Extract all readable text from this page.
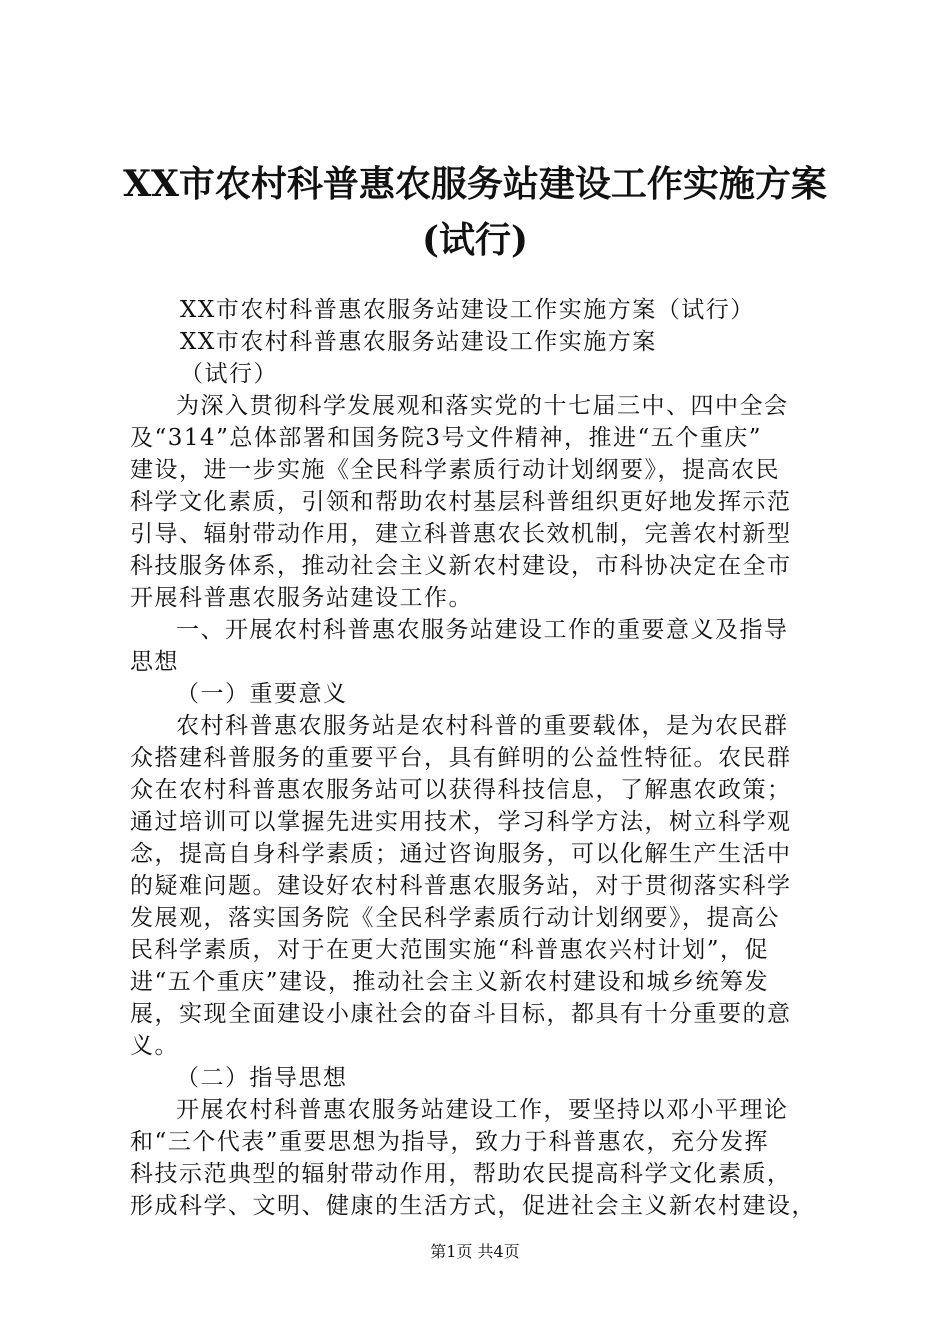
XX市农村科普惠农服务站建设工作实施方案
(试行)
XX市农村科普惠农服务站建设工作实施方案（试行）
XX市农村科普惠农服务站建设工作实施方案
（试行）
为深入贯彻科学发展观和落实党的十七届三中、四中全会
及“314”总体部署和国务院3号文件精神，推进“五个重庆”
建设，进一步实施《全民科学素质行动计划纲要》，提高农民
科学文化素质，引领和帮助农村基层科普组织更好地发挥示范
引导、辐射带动作用，建立科普惠农长效机制，完善农村新型
科技服务体系，推动社会主义新农村建设，市科协决定在全市
开展科普惠农服务站建设工作。
一、开展农村科普惠农服务站建设工作的重要意义及指导
思想
（一）重要意义
农村科普惠农服务站是农村科普的重要载体，是为农民群
众搭建科普服务的重要平台，具有鲜明的公益性特征。农民群
众在农村科普惠农服务站可以获得科技信息，了解惠农政策；
通过培训可以掌握先进实用技术，学习科学方法，树立科学观
念，提高自身科学素质；通过咨询服务，可以化解生产生活中
的疑难问题。建设好农村科普惠农服务站，对于贯彻落实科学
发展观，落实国务院《全民科学素质行动计划纲要》，提高公
民科学素质，对于在更大范围实施“科普惠农兴村计划”，促
进“五个重庆”建设，推动社会主义新农村建设和城乡统筹发
展，实现全面建设小康社会的奋斗目标，都具有十分重要的意
义。
（二）指导思想
开展农村科普惠农服务站建设工作，要坚持以邓小平理论
和“三个代表”重要思想为指导，致力于科普惠农，充分发挥
科技示范典型的辐射带动作用，帮助农民提高科学文化素质，
形成科学、文明、健康的生活方式，促进社会主义新农村建设，
第1页 共4页
